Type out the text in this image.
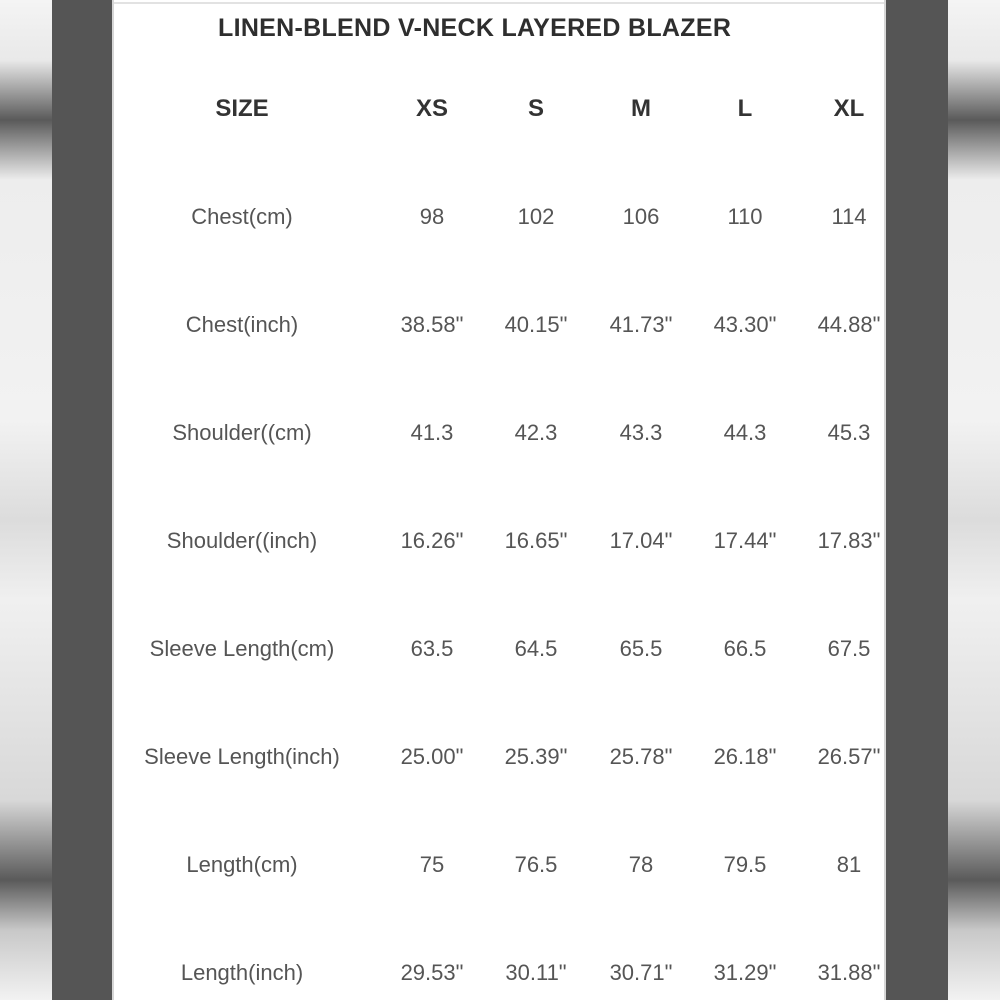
LINEN-BLEND V-NECK LAYERED BLAZER
SIZE	XS	S	M	L	XL
Chest(cm)	98	102	106	110	114
Chest(inch)	38.58" 40.15" 41.73" 43.30" 44.88"
Shoulder((cm)	41.3	42.3	43.3	44.3	45.3
Shoulder((inch)	16.26" 16.65" 17.04" 17.44" 17.83"
Sleeve Length(cm)	63.5	64.5	65.5	66.5	67.5
Sleeve Length(inch)	25.00" 25.39" 25.78" 26.18" 26.57"
Length(cm)	75	76.5	78	79.5	81
Length(inch)	29.53" 30.11" 30.71" 31.29" 31.88"
